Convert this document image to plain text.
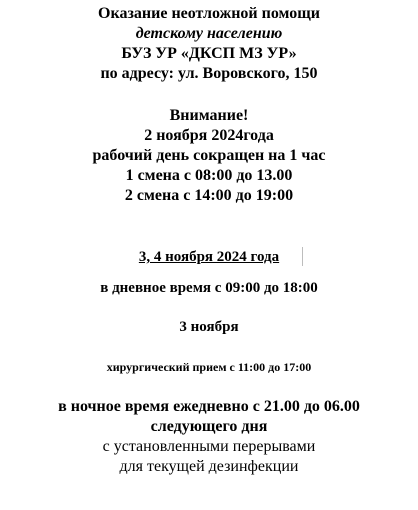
Оказание неотложной помощи
детскому населению
БУЗ УР «ДКСП МЗ УР»
по адресу: ул. Воровского, 150
Внимание!
2 ноября 2024года
рабочий день сокращен на 1 час
1 смена с 08:00 до 13.00
2 смена с 14:00 до 19:00
3, 4 ноября 2024 года
в дневное время с 09:00 до 18:00
3 ноября
хирургический прием с 11:00 до 17:00
в ночное время ежедневно с 21.00 до 06.00
следующего дня
с установленными перерывами
для текущей дезинфекции
